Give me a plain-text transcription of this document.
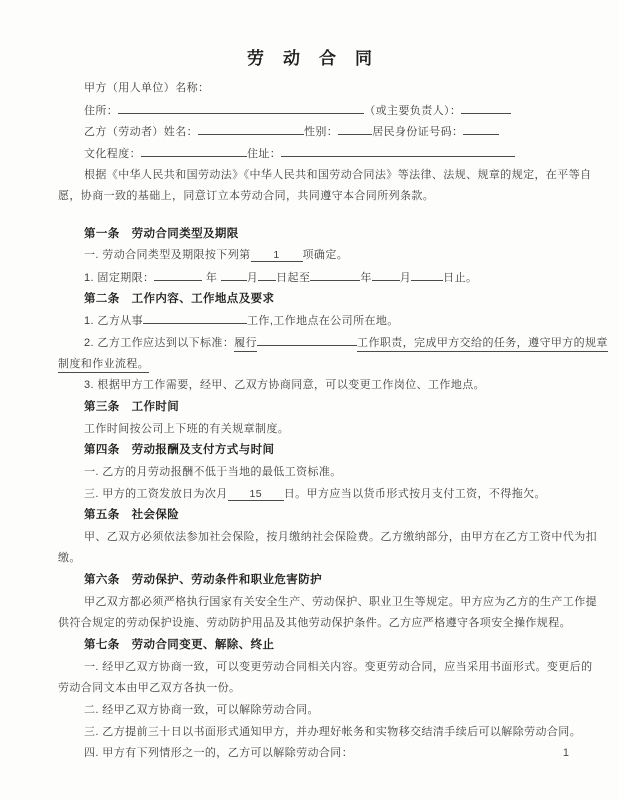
劳动合同

甲方（用人单位）名称：

住所：	（或主要负责人）：

乙方（劳动者）姓名：	性别：	居民身份证号码：

文化程度：	住址：

根据《中华人民共和国劳动法》《中华人民共和国劳动合同法》等法律、法规、规章的规定，在平等自

愿，协商一致的基础上，同意订立本劳动合同，共同遵守本合同所列条款。

第一条　劳动合同类型及期限

一. 劳动合同类型及期限按下列第 1 项确定。

1. 固定期限：	年 月 日起至	年	月	日止。

第二条　工作内容、工作地点及要求

1. 乙方从事	工作,工作地点在公司所在地。

2. 乙方工作应达到以下标准：履行	工作职责，完成甲方交给的任务，遵守甲方的规章

制度和作业流程。

3. 根据甲方工作需要，经甲、乙双方协商同意，可以变更工作岗位、工作地点。

第三条　工作时间

工作时间按公司上下班的有关规章制度。

第四条　劳动报酬及支付方式与时间

一. 乙方的月劳动报酬不低于当地的最低工资标准。

三. 甲方的工资发放日为次月 15 日。甲方应当以货币形式按月支付工资，不得拖欠。

第五条　社会保险

甲、乙双方必须依法参加社会保险，按月缴纳社会保险费。乙方缴纳部分，由甲方在乙方工资中代为扣

缴。

第六条　劳动保护、劳动条件和职业危害防护

甲乙双方都必须严格执行国家有关安全生产、劳动保护、职业卫生等规定。甲方应为乙方的生产工作提

供符合规定的劳动保护设施、劳动防护用品及其他劳动保护条件。乙方应严格遵守各项安全操作规程。

第七条　劳动合同变更、解除、终止

一. 经甲乙双方协商一致，可以变更劳动合同相关内容。变更劳动合同，应当采用书面形式。变更后的

劳动合同文本由甲乙双方各执一份。

二. 经甲乙双方协商一致，可以解除劳动合同。

三. 乙方提前三十日以书面形式通知甲方，并办理好帐务和实物移交结清手续后可以解除劳动合同。

四. 甲方有下列情形之一的，乙方可以解除劳动合同：	1
